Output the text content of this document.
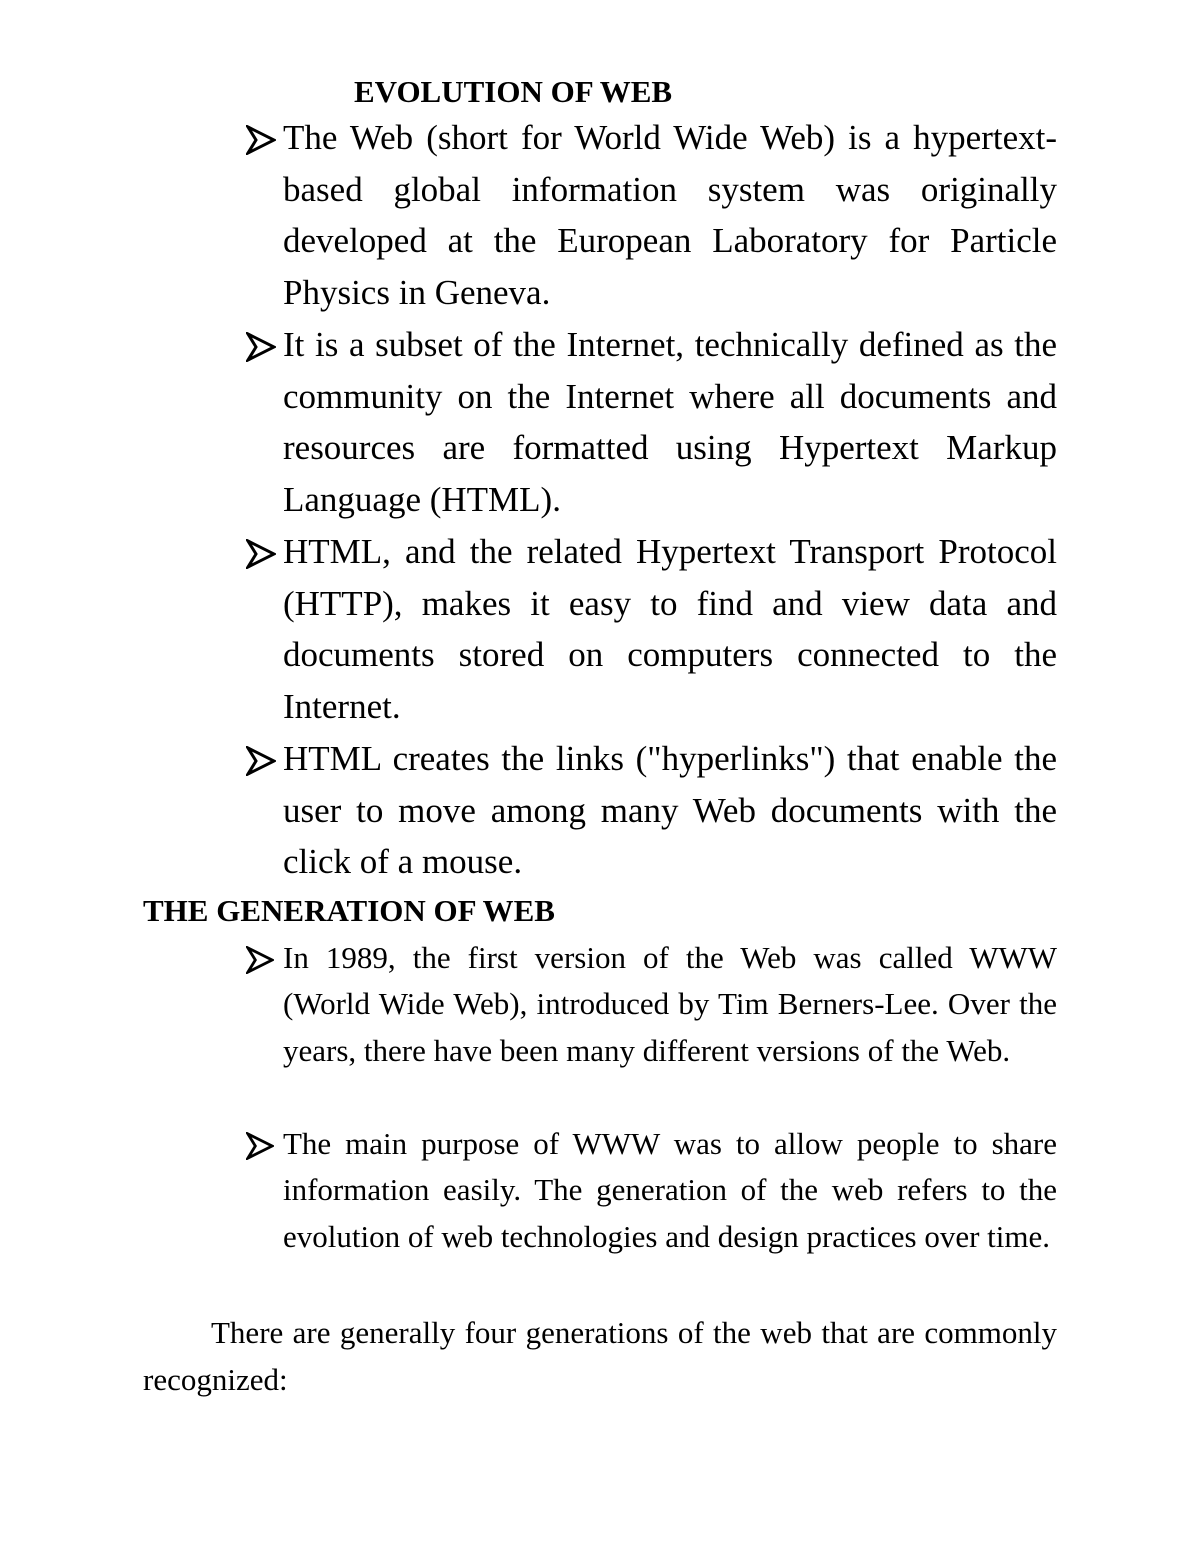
EVOLUTION OF WEB
The Web (short for World Wide Web) is a hypertext-based global information system was originally developed at the European Laboratory for Particle Physics in Geneva.
It is a subset of the Internet, technically defined as the community on the Internet where all documents and resources are formatted using Hypertext Markup Language (HTML).
HTML, and the related Hypertext Transport Protocol (HTTP), makes it easy to find and view data and documents stored on computers connected to the Internet.
HTML creates the links ("hyperlinks") that enable the user to move among many Web documents with the click of a mouse.
THE GENERATION OF WEB
In 1989, the first version of the Web was called WWW (World Wide Web), introduced by Tim Berners-Lee. Over the years, there have been many different versions of the Web.
The main purpose of WWW was to allow people to share information easily. The generation of the web refers to the evolution of web technologies and design practices over time.

There are generally four generations of the web that are commonly recognized:
